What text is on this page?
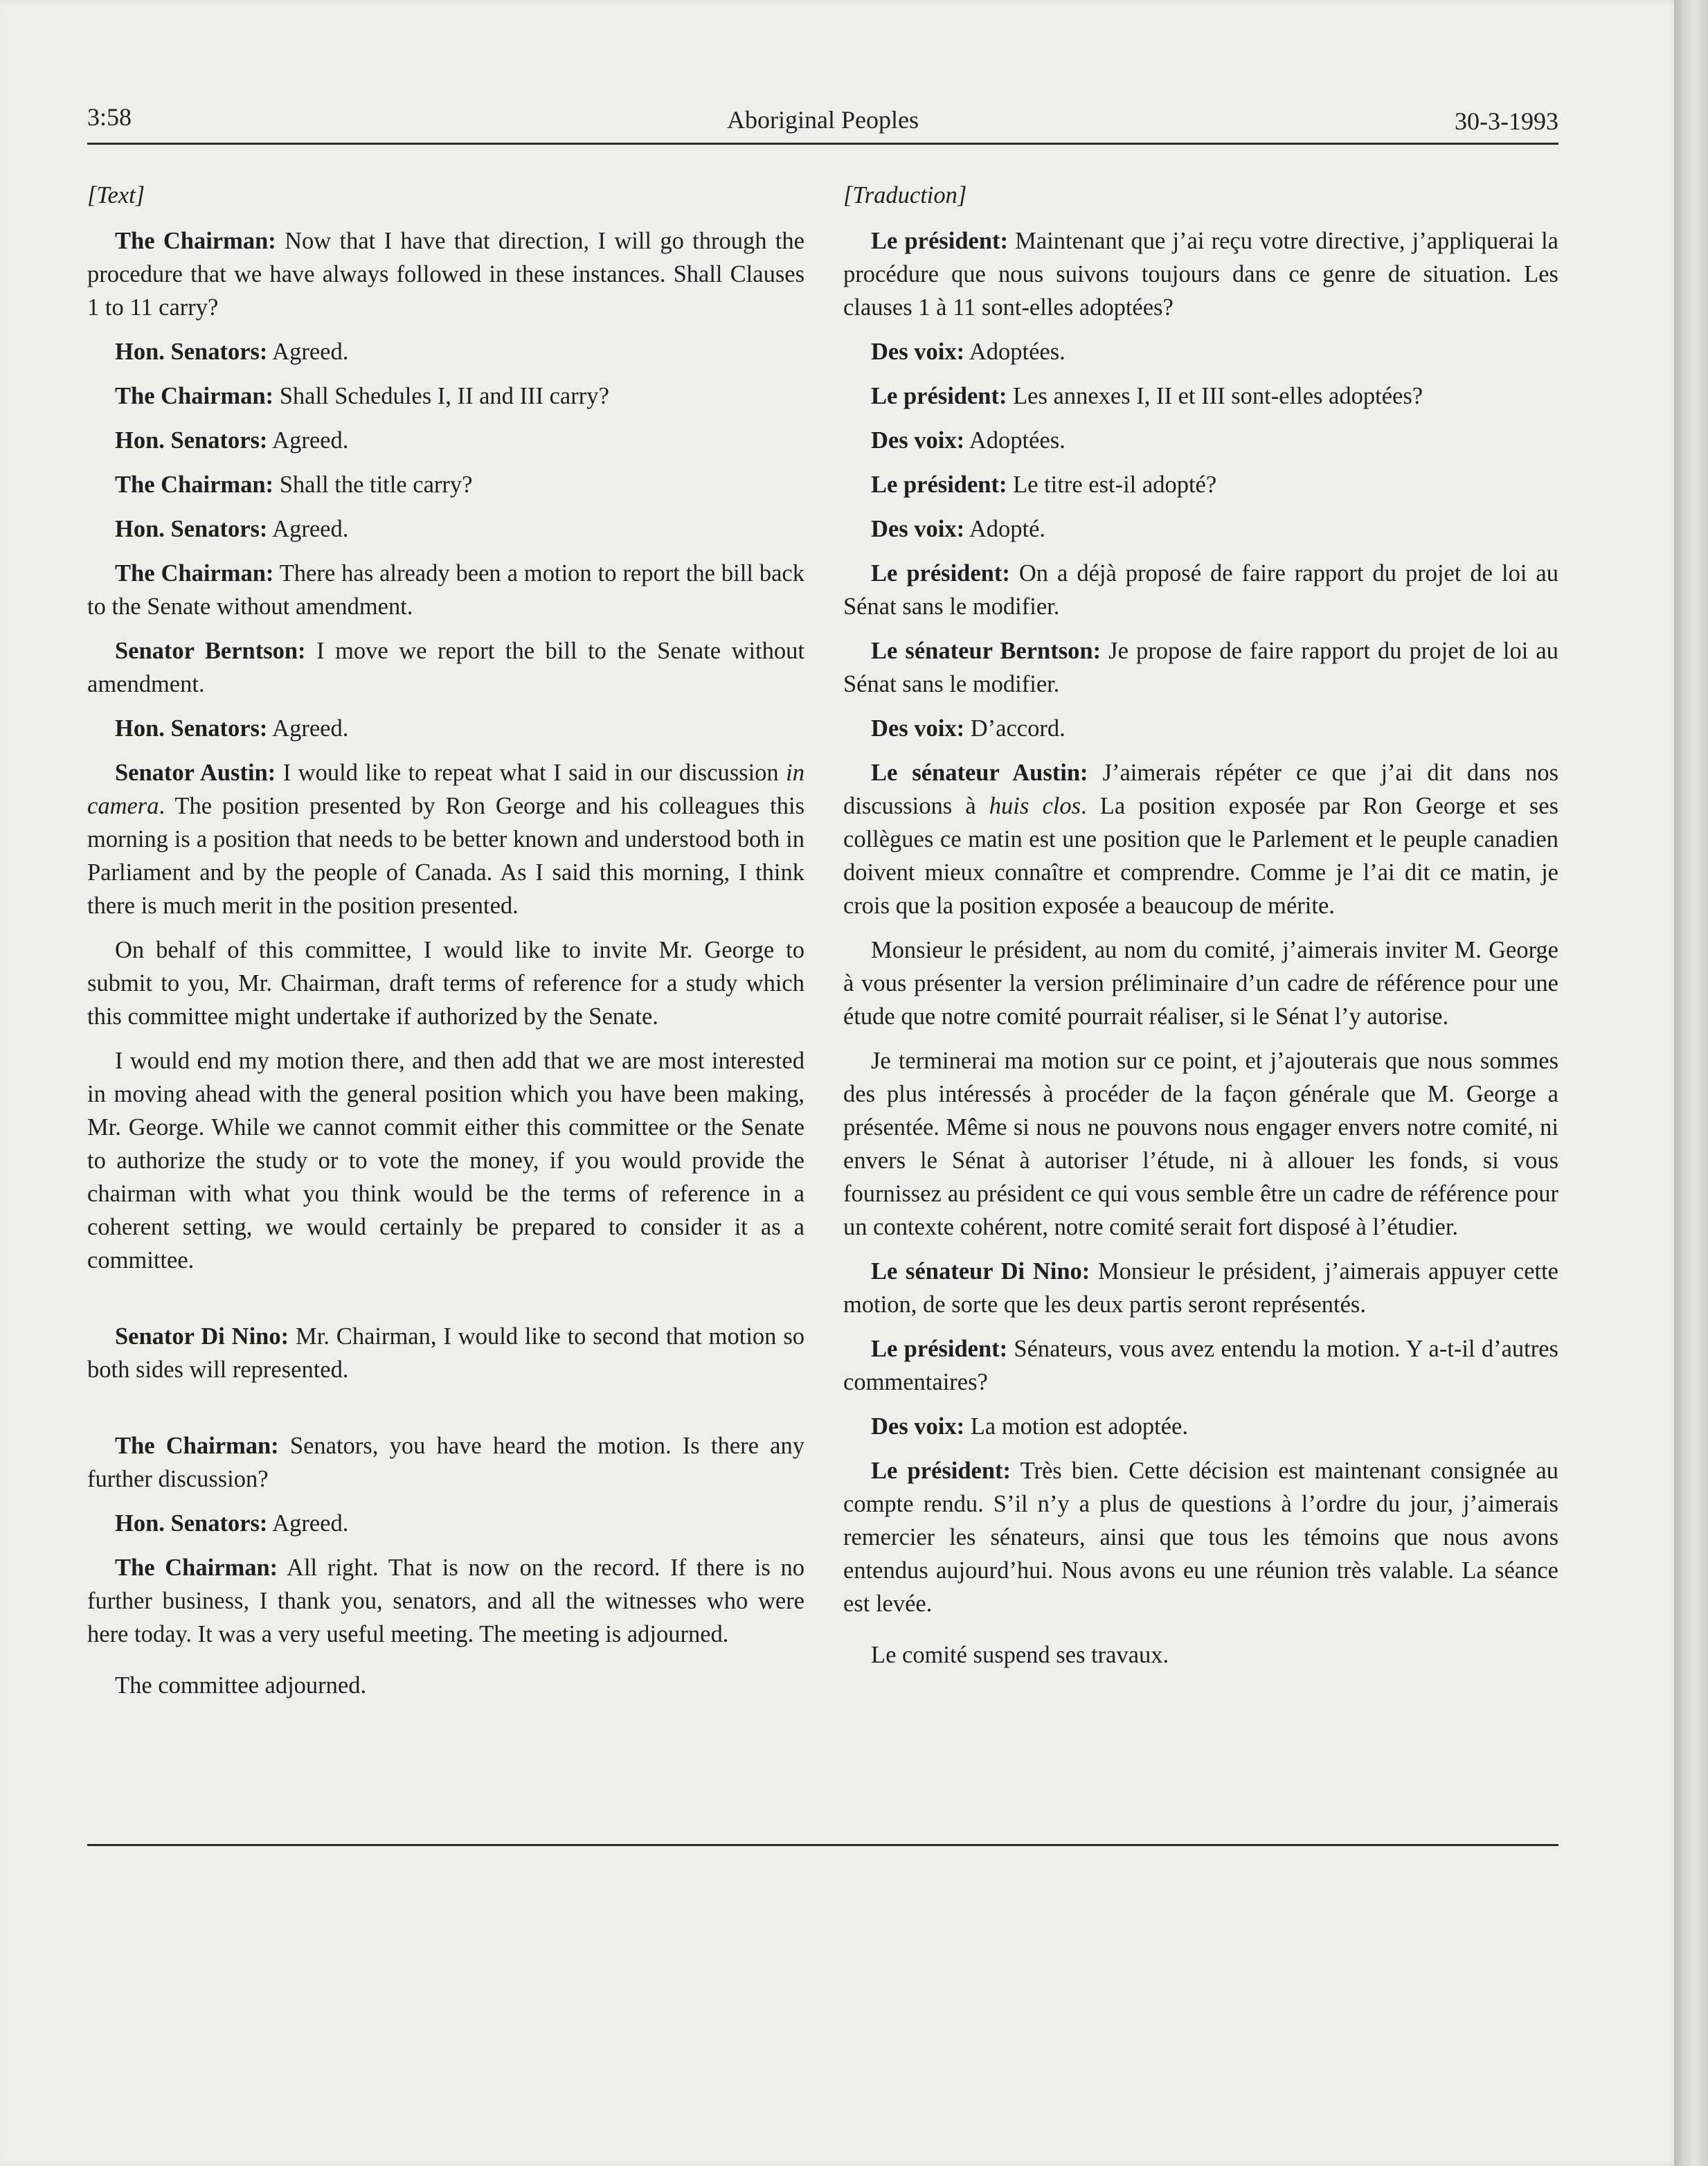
3:58	Aboriginal Peoples	30-3-1993

[Text]

The Chairman: Now that I have that direction, I will go through the procedure that we have always followed in these instances. Shall Clauses 1 to 11 carry?

Hon. Senators: Agreed.

The Chairman: Shall Schedules I, II and III carry?

Hon. Senators: Agreed.

The Chairman: Shall the title carry?

Hon. Senators: Agreed.

The Chairman: There has already been a motion to report the bill back to the Senate without amendment.

Senator Berntson: I move we report the bill to the Senate without amendment.

Hon. Senators: Agreed.

Senator Austin: I would like to repeat what I said in our discussion in camera. The position presented by Ron George and his colleagues this morning is a position that needs to be better known and understood both in Parliament and by the people of Canada. As I said this morning, I think there is much merit in the position presented.

On behalf of this committee, I would like to invite Mr. George to submit to you, Mr. Chairman, draft terms of reference for a study which this committee might undertake if authorized by the Senate.

I would end my motion there, and then add that we are most interested in moving ahead with the general position which you have been making, Mr. George. While we cannot commit either this committee or the Senate to authorize the study or to vote the money, if you would provide the chairman with what you think would be the terms of reference in a coherent setting, we would certainly be prepared to consider it as a committee.

Senator Di Nino: Mr. Chairman, I would like to second that motion so both sides will represented.

The Chairman: Senators, you have heard the motion. Is there any further discussion?

Hon. Senators: Agreed.

The Chairman: All right. That is now on the record. If there is no further business, I thank you, senators, and all the witnesses who were here today. It was a very useful meeting. The meeting is adjourned.

The committee adjourned.

[Traduction]

Le président: Maintenant que j’ai reçu votre directive, j’appliquerai la procédure que nous suivons toujours dans ce genre de situation. Les clauses 1 à 11 sont-elles adoptées?

Des voix: Adoptées.

Le président: Les annexes I, II et III sont-elles adoptées?

Des voix: Adoptées.

Le président: Le titre est-il adopté?

Des voix: Adopté.

Le président: On a déjà proposé de faire rapport du projet de loi au Sénat sans le modifier.

Le sénateur Berntson: Je propose de faire rapport du projet de loi au Sénat sans le modifier.

Des voix: D’accord.

Le sénateur Austin: J’aimerais répéter ce que j’ai dit dans nos discussions à huis clos. La position exposée par Ron George et ses collègues ce matin est une position que le Parlement et le peuple canadien doivent mieux connaître et comprendre. Comme je l’ai dit ce matin, je crois que la position exposée a beaucoup de mérite.

Monsieur le président, au nom du comité, j’aimerais inviter M. George à vous présenter la version préliminaire d’un cadre de référence pour une étude que notre comité pourrait réaliser, si le Sénat l’y autorise.

Je terminerai ma motion sur ce point, et j’ajouterais que nous sommes des plus intéressés à procéder de la façon générale que M. George a présentée. Même si nous ne pouvons nous engager envers notre comité, ni envers le Sénat à autoriser l’étude, ni à allouer les fonds, si vous fournissez au président ce qui vous semble être un cadre de référence pour un contexte cohérent, notre comité serait fort disposé à l’étudier.

Le sénateur Di Nino: Monsieur le président, j’aimerais appuyer cette motion, de sorte que les deux partis seront représentés.

Le président: Sénateurs, vous avez entendu la motion. Y a-t-il d’autres commentaires?

Des voix: La motion est adoptée.

Le président: Très bien. Cette décision est maintenant consignée au compte rendu. S’il n’y a plus de questions à l’ordre du jour, j’aimerais remercier les sénateurs, ainsi que tous les témoins que nous avons entendus aujourd’hui. Nous avons eu une réunion très valable. La séance est levée.

Le comité suspend ses travaux.
